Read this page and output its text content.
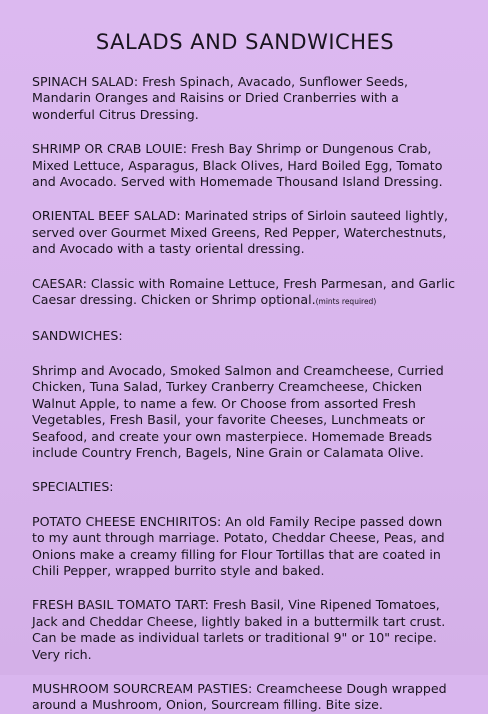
SALADS AND SANDWICHES

SPINACH SALAD: Fresh Spinach, Avacado, Sunflower Seeds, Mandarin Oranges and Raisins or Dried Cranberries with a wonderful Citrus Dressing.

SHRIMP OR CRAB LOUIE: Fresh Bay Shrimp or Dungenous Crab, Mixed Lettuce, Asparagus, Black Olives, Hard Boiled Egg, Tomato and Avocado. Served with Homemade Thousand Island Dressing.

ORIENTAL BEEF SALAD: Marinated strips of Sirloin sauteed lightly, served over Gourmet Mixed Greens, Red Pepper, Waterchestnuts, and Avocado with a tasty oriental dressing.

CAESAR: Classic with Romaine Lettuce, Fresh Parmesan, and Garlic Caesar dressing. Chicken or Shrimp optional.(mints required)

SANDWICHES:

Shrimp and Avocado, Smoked Salmon and Creamcheese, Curried Chicken, Tuna Salad, Turkey Cranberry Creamcheese, Chicken Walnut Apple, to name a few. Or Choose from assorted Fresh Vegetables, Fresh Basil, your favorite Cheeses, Lunchmeats or Seafood, and create your own masterpiece. Homemade Breads include Country French, Bagels, Nine Grain or Calamata Olive.

SPECIALTIES:

POTATO CHEESE ENCHIRITOS: An old Family Recipe passed down to my aunt through marriage. Potato, Cheddar Cheese, Peas, and Onions make a creamy filling for Flour Tortillas that are coated in Chili Pepper, wrapped burrito style and baked.

FRESH BASIL TOMATO TART: Fresh Basil, Vine Ripened Tomatoes, Jack and Cheddar Cheese, lightly baked in a buttermilk tart crust. Can be made as individual tarlets or traditional 9" or 10" recipe. Very rich.

MUSHROOM SOURCREAM PASTIES: Creamcheese Dough wrapped around a Mushroom, Onion, Sourcream filling. Bite size.
